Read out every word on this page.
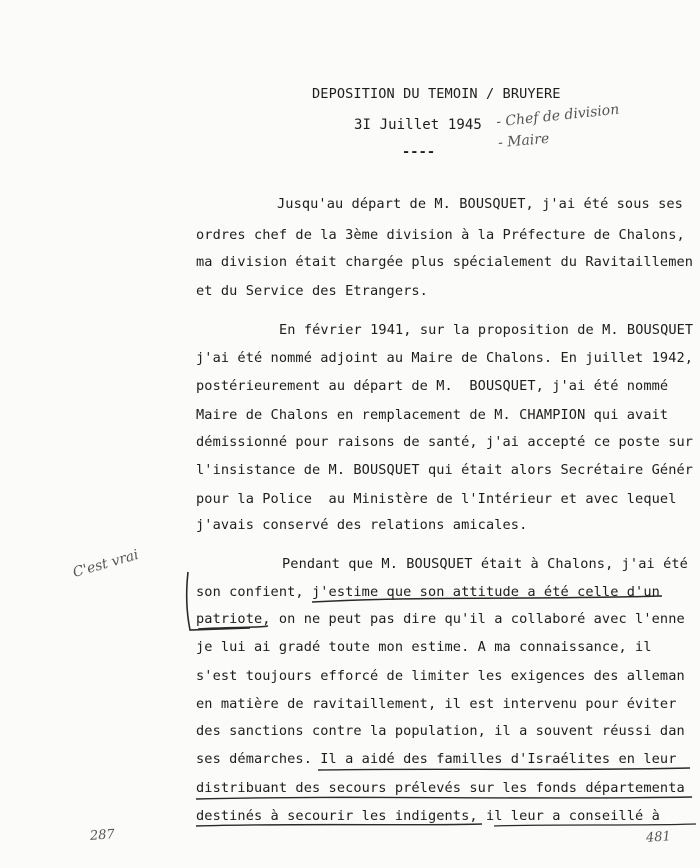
DEPOSITION DU TEMOIN / BRUYERE
3I Juillet 1945
----
- Chef de division
- Maire
Jusqu'au départ de M. BOUSQUET, j'ai été sous ses
ordres chef de la 3ème division à la Préfecture de Chalons,
ma division était chargée plus spécialement du Ravitaillemen
et du Service des Etrangers.
En février 1941, sur la proposition de M. BOUSQUET
j'ai été nommé adjoint au Maire de Chalons. En juillet 1942,
postérieurement au départ de M.  BOUSQUET, j'ai été nommé
Maire de Chalons en remplacement de M. CHAMPION qui avait
démissionné pour raisons de santé, j'ai accepté ce poste sur
l'insistance de M. BOUSQUET qui était alors Secrétaire Génér
pour la Police  au Ministère de l'Intérieur et avec lequel
j'avais conservé des relations amicales.
Pendant que M. BOUSQUET était à Chalons, j'ai été
son confient, j'estime que son attitude a été celle d'un
patriote, on ne peut pas dire qu'il a collaboré avec l'enne
je lui ai gradé toute mon estime. A ma connaissance, il
s'est toujours efforcé de limiter les exigences des alleman
en matière de ravitaillement, il est intervenu pour éviter
des sanctions contre la population, il a souvent réussi dan
ses démarches. Il a aidé des familles d'Israélites en leur
distribuant des secours prélevés sur les fonds départementa
destinés à secourir les indigents, il leur a conseillé à
C'est vrai
287	481
